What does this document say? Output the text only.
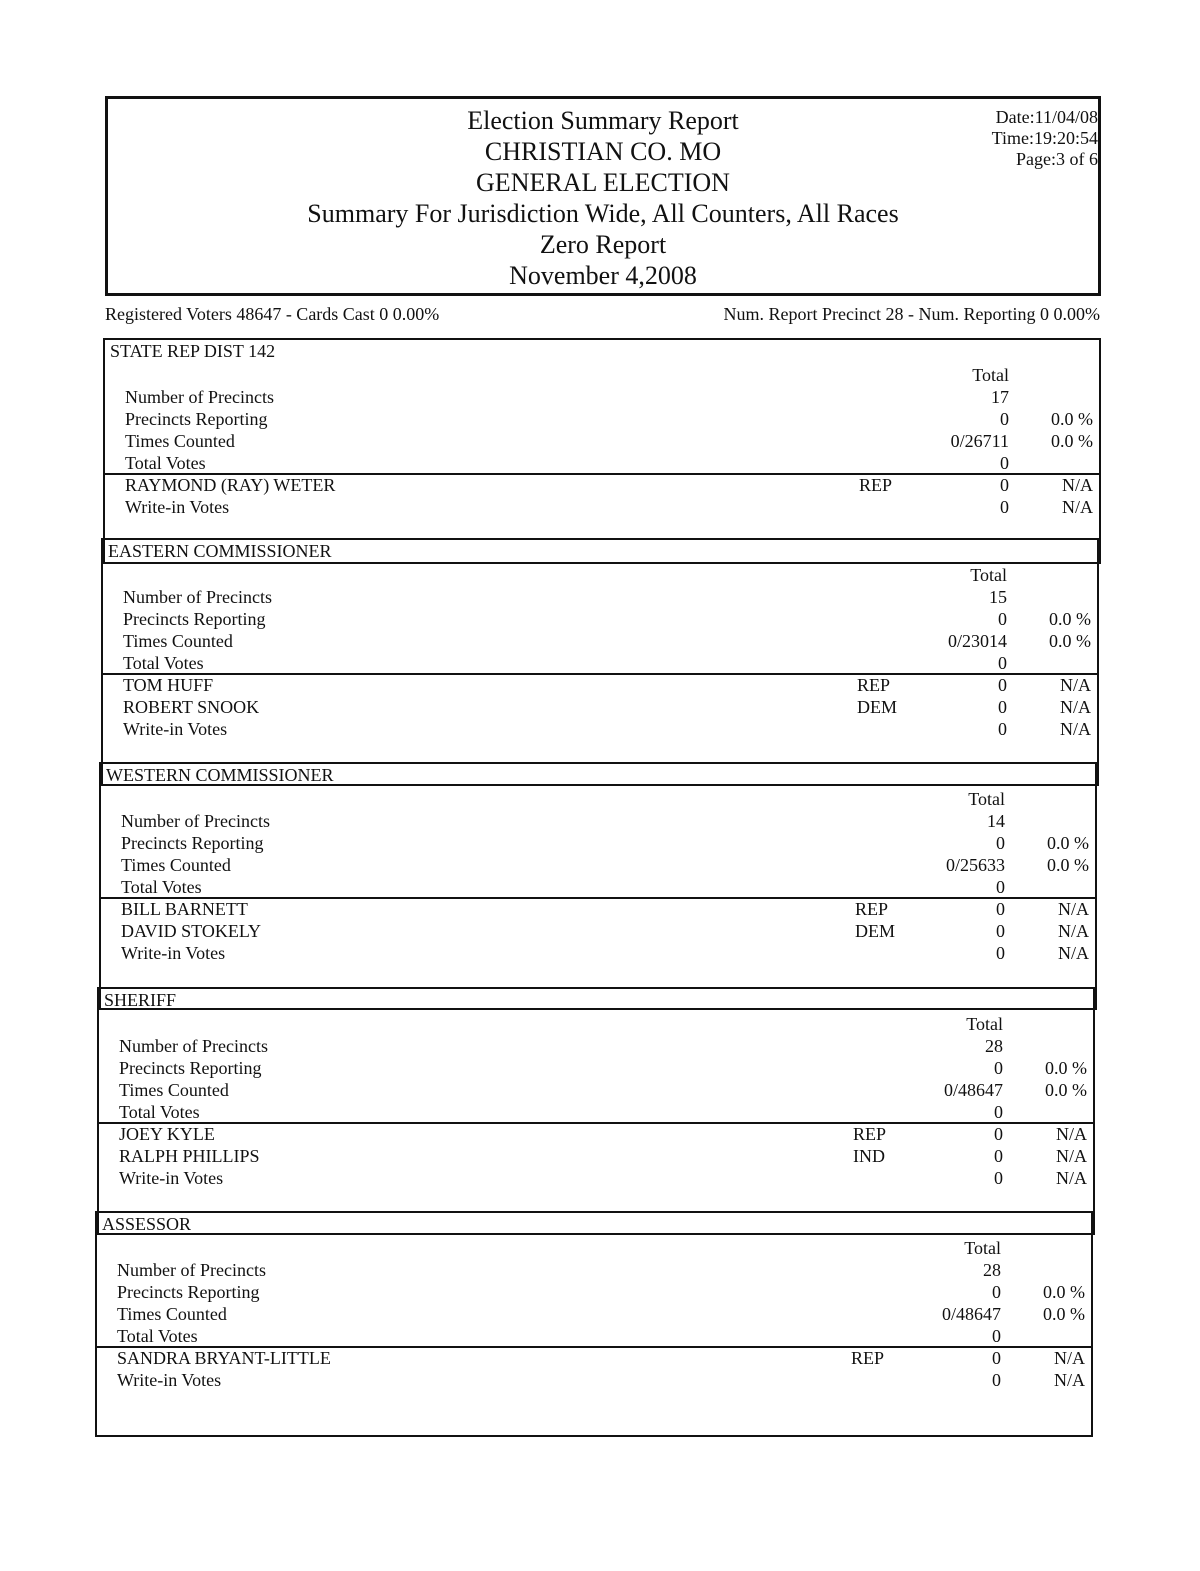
Election Summary Report
CHRISTIAN CO. MO
GENERAL ELECTION
Summary For Jurisdiction Wide, All Counters, All Races
Zero Report
November 4,2008
Date:11/04/08
Time:19:20:54
Page:3 of 6
Registered Voters 48647 - Cards Cast 0 0.00%	Num. Report Precinct 28 - Num. Reporting 0 0.00%
STATE REP DIST 142
Total
Number of Precincts	17
Precincts Reporting	0 0.0 %
Times Counted	0/26711 0.0 %
Total Votes	0
RAYMOND (RAY) WETER	REP	0	N/A
Write-in Votes	0	N/A
EASTERN COMMISSIONER
Total
Number of Precincts	15
Precincts Reporting	0 0.0 %
Times Counted	0/23014 0.0 %
Total Votes	0
TOM HUFF	REP	0	N/A
ROBERT SNOOK	DEM	0	N/A
Write-in Votes	0	N/A
WESTERN COMMISSIONER
Total
Number of Precincts	14
Precincts Reporting	0 0.0 %
Times Counted	0/25633 0.0 %
Total Votes	0
BILL BARNETT	REP	0	N/A
DAVID STOKELY	DEM	0	N/A
Write-in Votes	0	N/A
SHERIFF
Total
Number of Precincts	28
Precincts Reporting	0 0.0 %
Times Counted	0/48647 0.0 %
Total Votes	0
JOEY KYLE	REP	0	N/A
RALPH PHILLIPS	IND	0	N/A
Write-in Votes	0	N/A
ASSESSOR
Total
Number of Precincts	28
Precincts Reporting	0 0.0 %
Times Counted	0/48647 0.0 %
Total Votes	0
SANDRA BRYANT-LITTLE	REP	0	N/A
Write-in Votes	0	N/A
